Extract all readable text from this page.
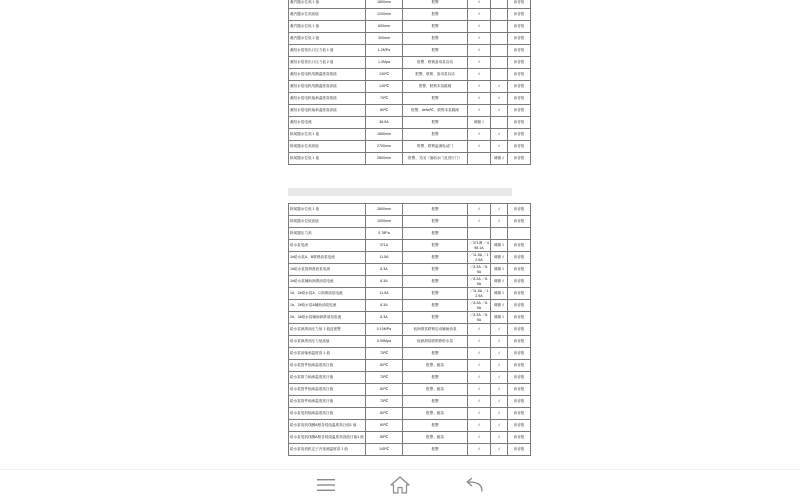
凝汽器水位高 1 值	1800mm	报警	√		读音报
凝汽器水位高高值	1200mm	报警	√		读音报
凝汽器水位低 1 值	600mm	报警	√		读音报
凝汽器水位低 2 值	300mm	报警	√		读音报
凝结水泵管出口压力低 1 值	1.2MPa	报警	√		读音报
凝结水泵管出口压力低 2 值	1.0Mpa	报警、联锁备用泵启动	√		读音报
凝结水泵电机线圈温度高报值	130℃	报警、联锁、备用泵启动	√		读音报
凝结水泵电机线圈温度高高值	145℃	报警、联锁本泵跳闸	√	√	读音报
凝结水泵电机轴承温度高报值	75℃	报警	√	√	读音报
凝结水泵电机轴承温度高高值	80℃	报警、delta℃、联锁本泵跳闸	√	√	读音报
凝结水泵电流	38.5A	报警	调频 √		读音报
除氧器水位高 1 值	1850mm	报警	√	√	读音报
除氧器水位高高值	2700mm	报警、联锁溢流电动门	√	√	读音报
除氧器水位低 1 值	2800mm	报警、关闭（抽给水门及进行门）		调频 √	读音报
除氧器水位低 1 值	2800mm	报警	√	√	读音报
除氧器水位低高值	1000mm	报警	√	√	读音报
除氧器压力高	0.78Pa	报警			
给水泵电流	371A	报警	／371调 ／498.1A	调频 √	读音报
1#给水泵A、B联锁油泵电流	11.5A	报警	／11.5A ／12.9A	调频 √	读音报
1#给水泵管润滑油泵电流	8.3A	报警	／8.3A ／8.9A	调频 √	读音报
1#给水泵辅助润滑油泵电流	8.3A	报警	／8.3A ／8.9A	调频 √	读音报
1#、2#给水泵A、C润滑油泵电流	11.5A	报警	／11.5A ／12.9A	调频 √	读音报
1#、2#给水泵A辅助油泵电流	8.3A	报警	／8.3A ／8.9A	调频 √	读音报
2#、3#给水泵辅助润滑油泵电流	8.3A	报警	／8.3A ／8.9A	调频 √	读音报
给水泵润滑油压力低 1 值及报警	0.10MPa	低润滑泵联锁启动辅助油泵	√	√	读音报
给水泵润滑油压力低高值	0.09Mpa	低润滑泵联锁停给水泵	√	√	读音报
给水泵前轴承温度高 1 值	75℃	报警	√	√	读音报
给水泵管件轴承温度高日值	80℃	报警、跳泵	√	√	读音报
给水泵推力轴承温度高日值	75℃	报警	√	√	读音报
给水泵管件轴承温度高日值	80℃	报警、跳泵	√	√	读音报
给水泵管件轴承温度高日值	75℃	报警	√	√	读音报
给水泵电机轴承温度高日值	80℃	报警、跳泵	√	√	读音报
给水泵电机线圈A相各绕组温度高日值1 值	60℃	报警	√	√	读音报
给水泵电机线圈A相各绕组温度高高值日值1 值	85℃	报警、跳泵	√	√	读音报
给水泵电机机定子冷视测温度高 1 值	145℃	报警	√	√	读音报
